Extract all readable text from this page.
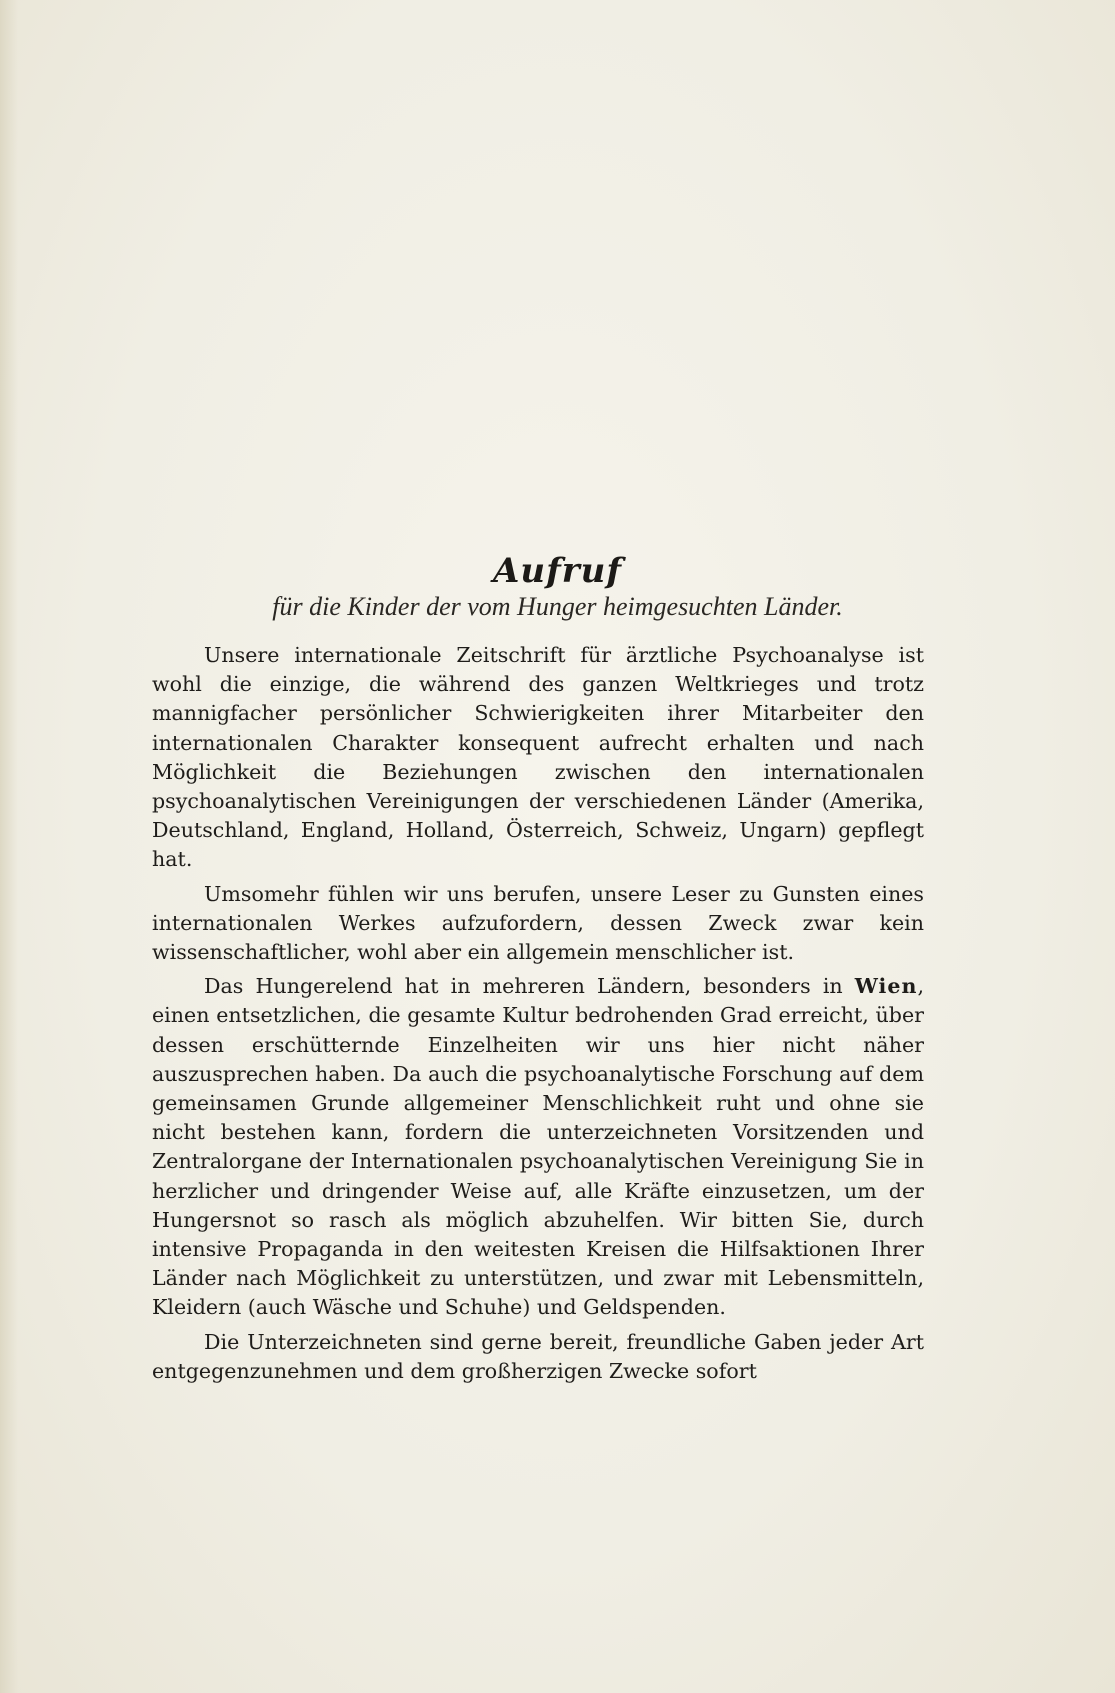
Aufruf
für die Kinder der vom Hunger heimgesuchten Länder.

Unsere internationale Zeitschrift für ärztliche Psychoanalyse ist wohl die einzige, die während des ganzen Weltkrieges und trotz mannigfacher persönlicher Schwierigkeiten ihrer Mitarbeiter den internationalen Charakter konsequent aufrecht erhalten und nach Möglichkeit die Beziehungen zwischen den internationalen psychoanalytischen Vereinigungen der verschiedenen Länder (Amerika, Deutschland, England, Holland, Österreich, Schweiz, Ungarn) gepflegt hat.

Umsomehr fühlen wir uns berufen, unsere Leser zu Gunsten eines internationalen Werkes aufzufordern, dessen Zweck zwar kein wissenschaftlicher, wohl aber ein allgemein menschlicher ist.

Das Hungerelend hat in mehreren Ländern, besonders in Wien, einen entsetzlichen, die gesamte Kultur bedrohenden Grad erreicht, über dessen erschütternde Einzelheiten wir uns hier nicht näher auszusprechen haben. Da auch die psychoanalytische Forschung auf dem gemeinsamen Grunde allgemeiner Menschlichkeit ruht und ohne sie nicht bestehen kann, fordern die unterzeichneten Vorsitzenden und Zentralorgane der Internationalen psychoanalytischen Vereinigung Sie in herzlicher und dringender Weise auf, alle Kräfte einzusetzen, um der Hungersnot so rasch als möglich abzuhelfen. Wir bitten Sie, durch intensive Propaganda in den weitesten Kreisen die Hilfsaktionen Ihrer Länder nach Möglichkeit zu unterstützen, und zwar mit Lebensmitteln, Kleidern (auch Wäsche und Schuhe) und Geldspenden.

Die Unterzeichneten sind gerne bereit, freundliche Gaben jeder Art entgegenzunehmen und dem großherzigen Zwecke sofort
